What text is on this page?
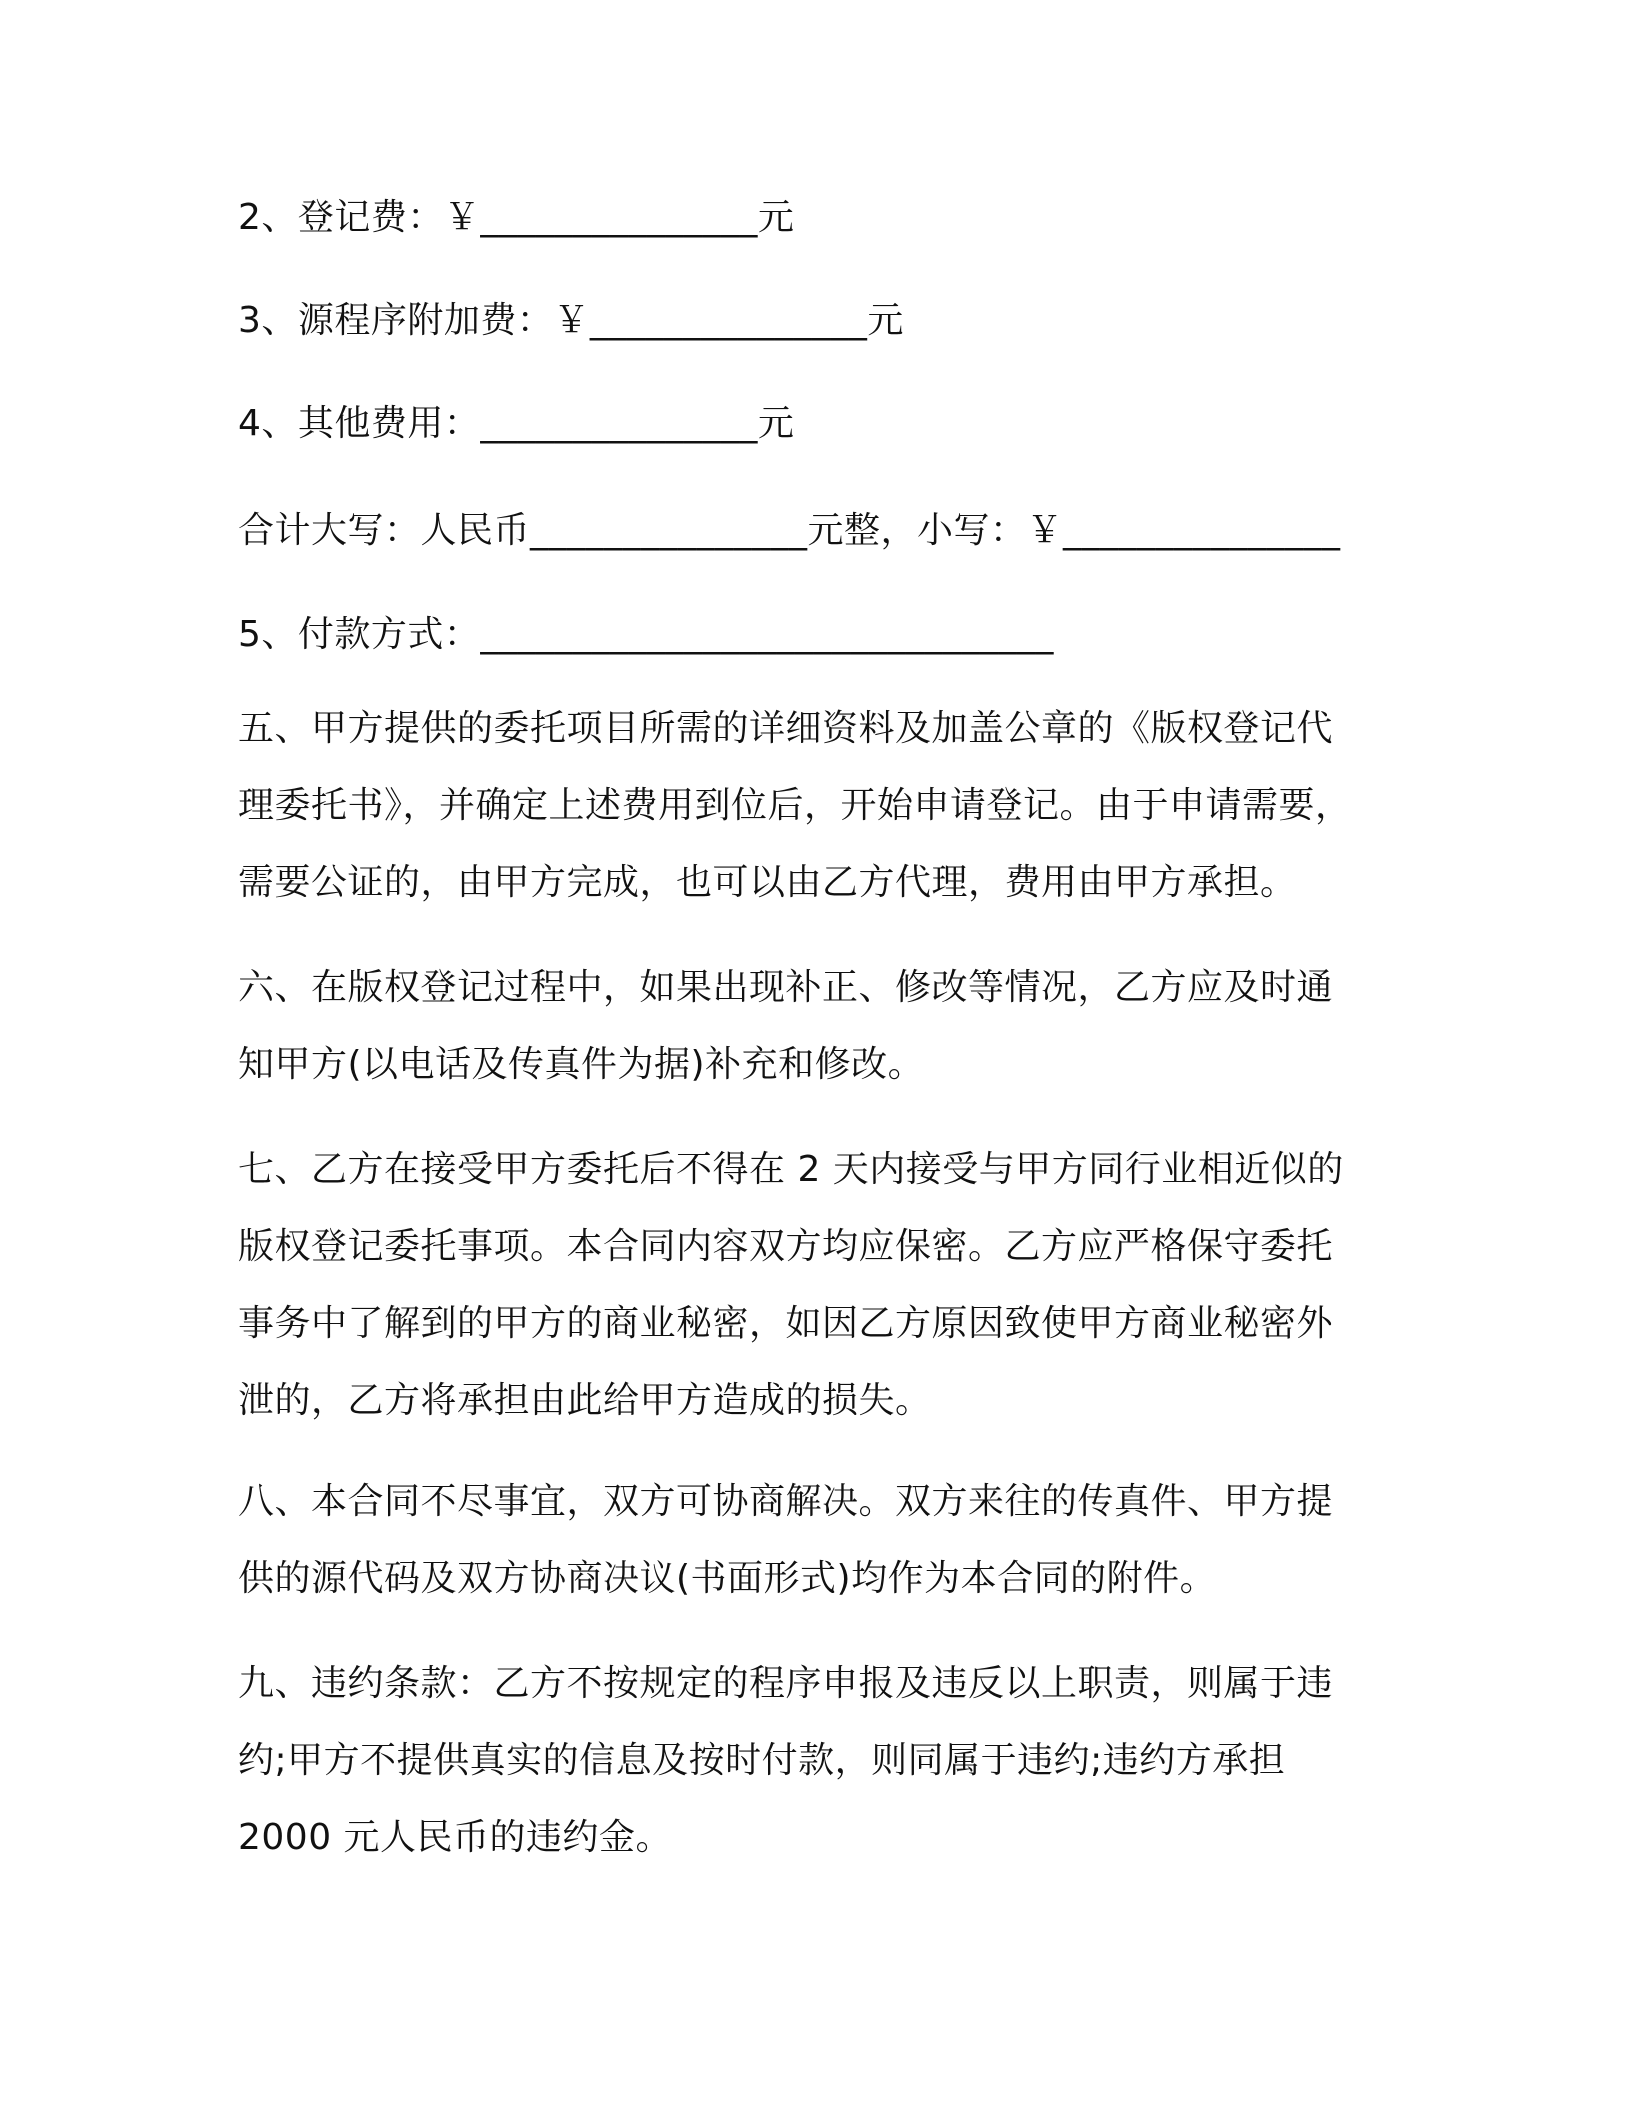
2、登记费：￥_______________元
3、源程序附加费：￥_______________元
4、其他费用：_______________元
合计大写：人民币_______________元整，小写：￥_______________
5、付款方式：_______________________________
五、甲方提供的委托项目所需的详细资料及加盖公章的《版权登记代
理委托书》，并确定上述费用到位后，开始申请登记。由于申请需要，
需要公证的，由甲方完成，也可以由乙方代理，费用由甲方承担。
六、在版权登记过程中，如果出现补正、修改等情况，乙方应及时通
知甲方(以电话及传真件为据)补充和修改。
七、乙方在接受甲方委托后不得在 2 天内接受与甲方同行业相近似的
版权登记委托事项。本合同内容双方均应保密。乙方应严格保守委托
事务中了解到的甲方的商业秘密，如因乙方原因致使甲方商业秘密外
泄的，乙方将承担由此给甲方造成的损失。
八、本合同不尽事宜，双方可协商解决。双方来往的传真件、甲方提
供的源代码及双方协商决议(书面形式)均作为本合同的附件。
九、违约条款：乙方不按规定的程序申报及违反以上职责，则属于违
约;甲方不提供真实的信息及按时付款，则同属于违约;违约方承担
2000 元人民币的违约金。
